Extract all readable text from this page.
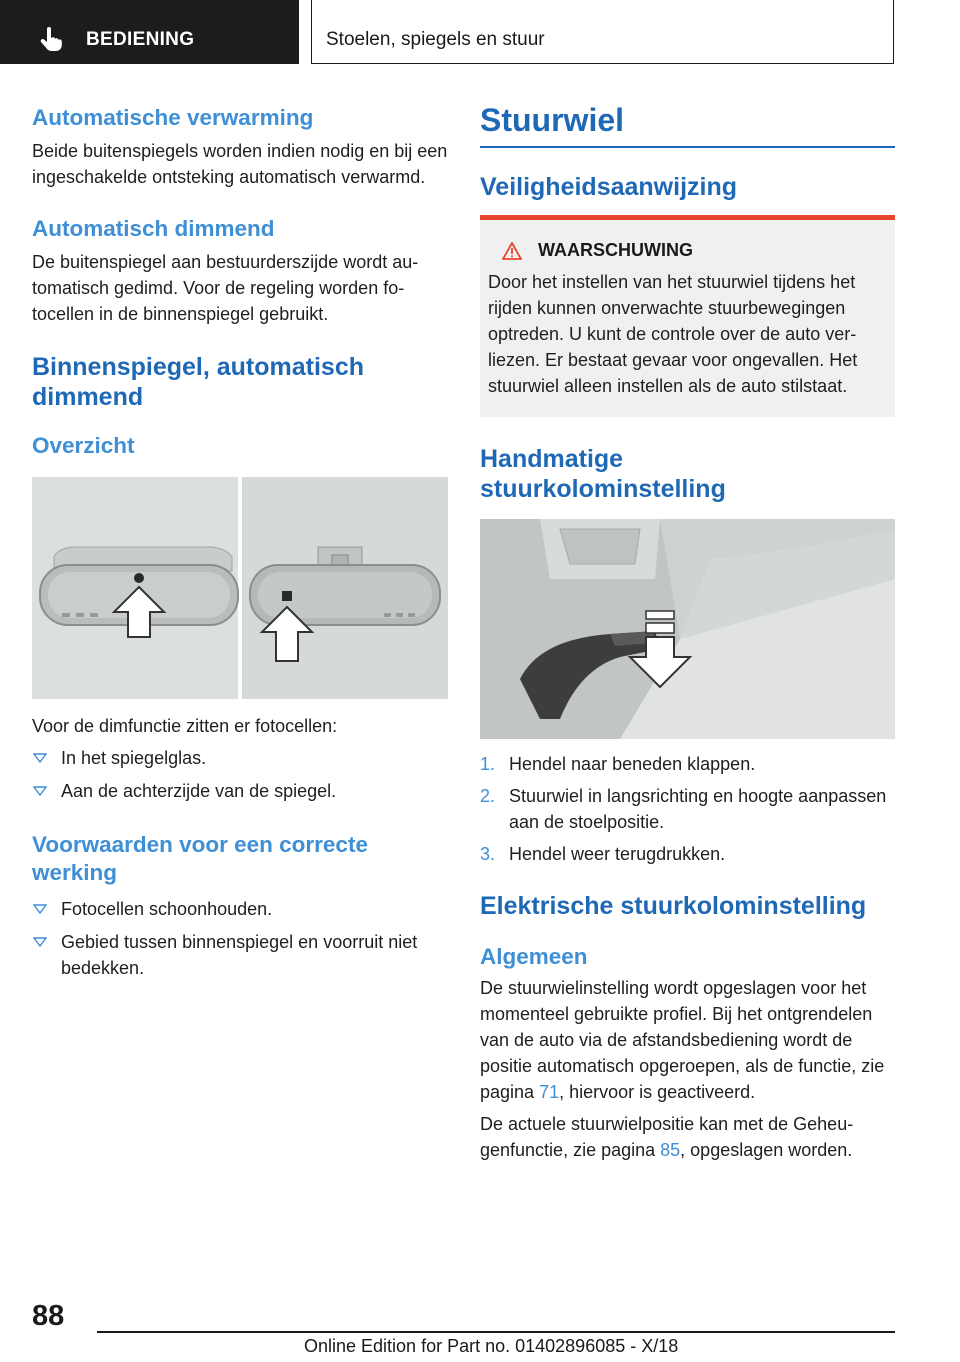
BEDIENING	Stoelen, spiegels en stuur
Automatische verwarming

Beide buitenspiegels worden indien nodig en bij een ingeschakelde ontsteking automatisch verwarmd.

Automatisch dimmend

De buitenspiegel aan bestuurderszijde wordt automatisch gedimd. Voor de regeling worden fotocellen in de binnenspiegel gebruikt.

Binnenspiegel, automatisch dimmend
Overzicht

Voor de dimfunctie zitten er fotocellen:

In het spiegelglas.
Aan de achterzijde van de spiegel.
Voorwaarden voor een correcte werking
Fotocellen schoonhouden.
Gebied tussen binnenspiegel en voorruit niet bedekken.
Stuurwiel
Veiligheidsaanwijzing
WAARSCHUWING

Door het instellen van het stuurwiel tijdens het rijden kunnen onverwachte stuurbewegingen optreden. U kunt de controle over de auto verliezen. Er bestaat gevaar voor ongevallen. Het stuurwiel alleen instellen als de auto stilstaat.

Handmatige stuurkolominstelling
1. Hendel naar beneden klappen.
2. Stuurwiel in langsrichting en hoogte aanpassen aan de stoelpositie.
3. Hendel weer terugdrukken.
Elektrische stuurkolominstelling
Algemeen

De stuurwielinstelling wordt opgeslagen voor het momenteel gebruikte profiel. Bij het ontgrendelen van de auto via de afstandsbediening wordt de positie automatisch opgeroepen, als de functie, zie pagina 71, hiervoor is geactiveerd.

De actuele stuurwielpositie kan met de Geheugenfunctie, zie pagina 85, opgeslagen worden.

88
Online Edition for Part no. 01402896085 - X/18
